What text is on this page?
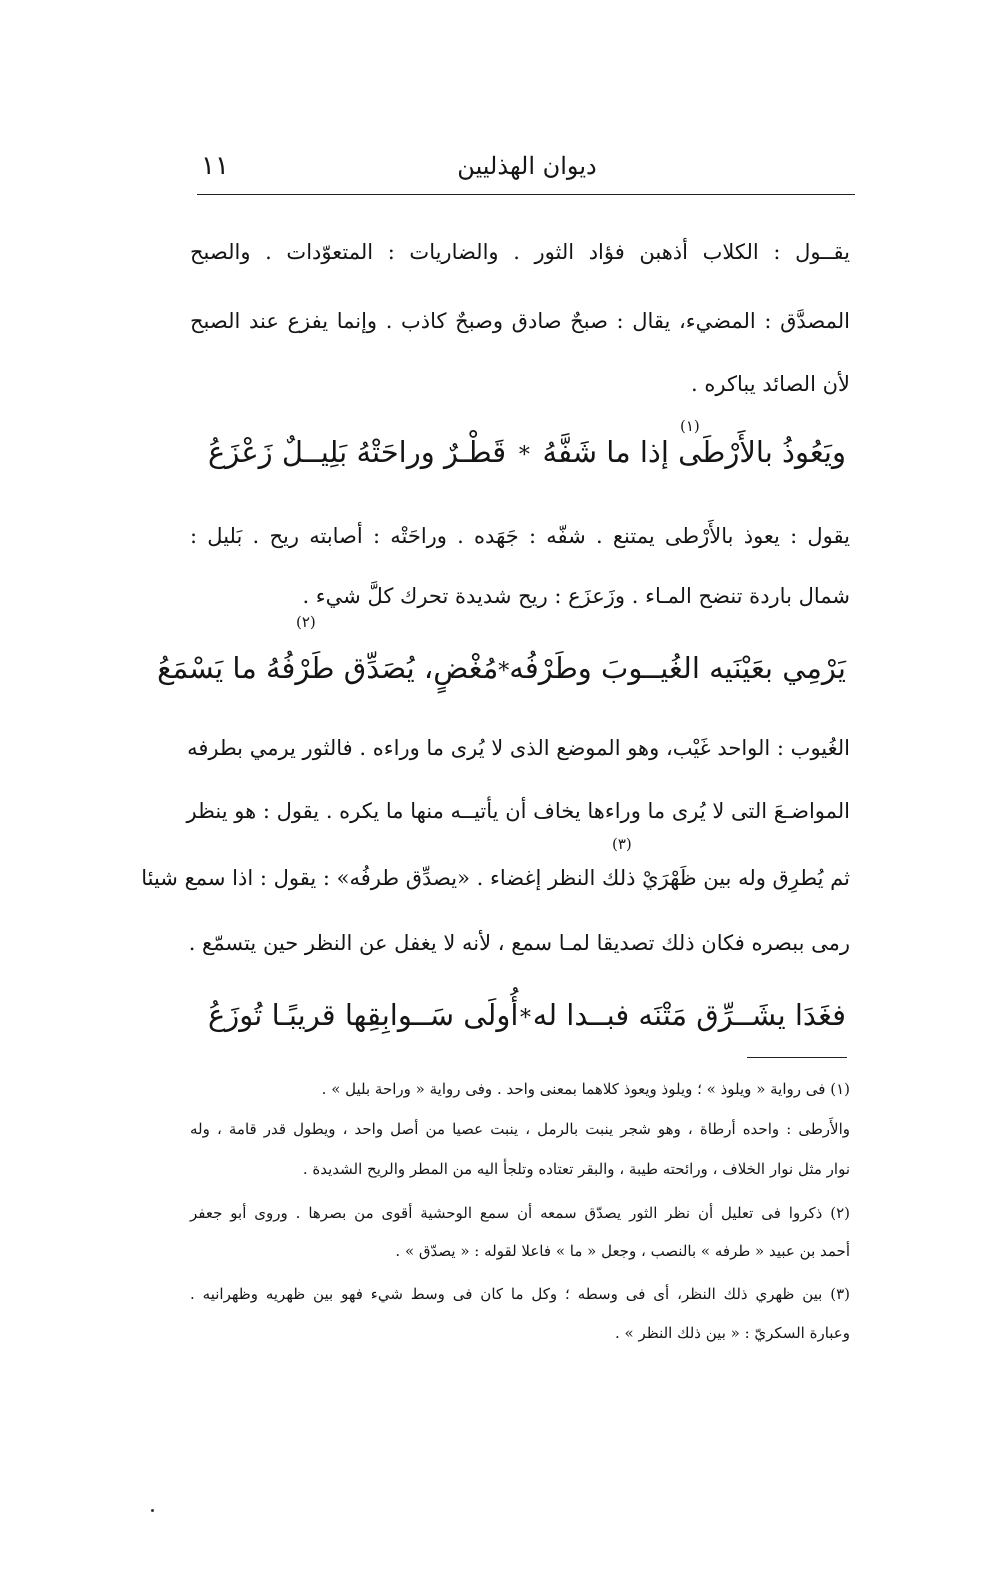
١١	ديوان الهذليين
يقــول : الكلاب أذهبن فؤاد الثور . والضاريات : المتعوّدات . والصبح
المصدَّق : المضيء، يقال : صبحٌ صادق وصبحٌ كاذب . وإنما يفزع عند الصبح
لأن الصائد يباكره .
(١)
ويَعُوذُ بالأَرْطَى إذا ما شَفَّهُ
*
قَطْـرٌ وراحَتْهُ بَلِيــلٌ زَعْزَعُ
يقول : يعوذ بالأَرْطى يمتنع . شفّه : جَهَده . وراحَتْه : أصابته ريح . بَليل :
شمال باردة تنضح المـاء . وزَعزَع : ريح شديدة تحرك كلَّ شيء .
(٢)
يَرْمِي بعَيْنَيه الغُيــوبَ وطَرْفُه
*
مُغْضٍ، يُصَدِّق طَرْفُهُ ما يَسْمَعُ
الغُيوب : الواحد غَيْب، وهو الموضع الذى لا يُرى ما وراءه . فالثور يرمي بطرفه
المواضـعَ التى لا يُرى ما وراءها يخاف أن يأتيــه منها ما يكره . يقول : هو ينظر
(٣)
ثم يُطرِق وله بين ظَهْرَيْ ذلك النظر إغضاء . «يصدِّق طرفُه» : يقول : اذا سمع شيئا
رمى ببصره فكان ذلك تصديقا لمـا سمع ، لأنه لا يغفل عن النظر حين يتسمّع .
فغَدَا يشَــرِّق مَتْنَه فبــدا له
*
أُولَى سَــوابِقِها قريبًـا تُوزَعُ
(١) فى رواية « ويلوذ » ؛ ويلوذ ويعوذ كلاهما بمعنى واحد . وفى رواية « وراحة بليل » .
والأَرطى : واحده أرطاة ، وهو شجر ينبت بالرمل ، ينبت عصيا من أصل واحد ، ويطول قدر قامة ، وله
نوار مثل نوار الخلاف ، ورائحته طيبة ، والبقر تعتاده وتلجأ اليه من المطر والريح الشديدة .
(٢) ذكروا فى تعليل أن نظر الثور يصدّق سمعه أن سمع الوحشية أقوى من بصرها . وروى أبو جعفر
أحمد بن عبيد « طرفه » بالنصب ، وجعل « ما » فاعلا لقوله : « يصدّق » .
(٣) بين ظهري ذلك النظر، أى فى وسطه ؛ وكل ما كان فى وسط شيء فهو بين ظهريه وظهرانيه .
وعبارة السكريّ : « بين ذلك النظر » .
